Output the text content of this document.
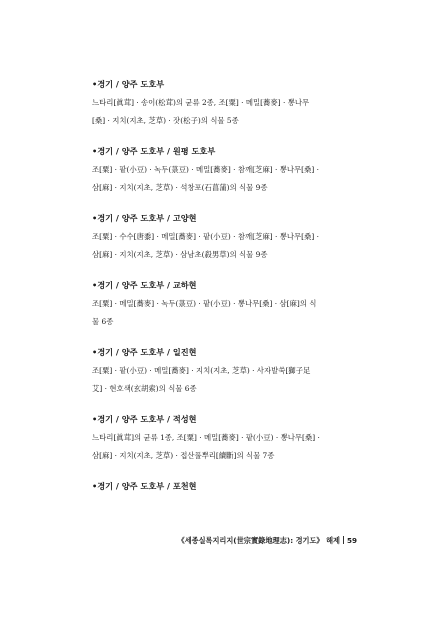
•경기 / 양주 도호부
느타리[眞茸] · 송이(松茸)의 균류 2종, 조[粟] · 메밀[蕎麥] · 뽕나무
[桑] · 지치(지초, 芝草) · 잣(松子)의 식물 5종
•경기 / 양주 도호부 / 원평 도호부
조[粟] · 팥(小豆) · 녹두(菉豆) · 메밀[蕎麥] · 참깨[芝麻] · 뽕나무[桑] ·
삼[麻] · 지치(지초, 芝草) · 석창포(石菖蒲)의 식물 9종
•경기 / 양주 도호부 / 고양현
조[粟] · 수수[唐黍] · 메밀[蕎麥] · 팥(小豆) · 참깨[芝麻] · 뽕나무[桑] ·
삼[麻] · 지치(지초, 芝草) · 삼남초(殺男草)의 식물 9종
•경기 / 양주 도호부 / 교하현
조[粟] · 메밀[蕎麥] · 녹두(菉豆) · 팥(小豆) · 뽕나무[桑] · 삼[麻]의 식
물 6종
•경기 / 양주 도호부 / 일진현
조[粟] · 팥(小豆) · 메밀[蕎麥] · 지치(지초, 芝草) · 사자발쑥[獅子足
艾] · 현호색(玄胡索)의 식물 6종
•경기 / 양주 도호부 / 적성현
느타리[眞茸]의 균류 1종, 조[粟] · 메밀[蕎麥] · 팥(小豆) · 뽕나무[桑] ·
삼[麻] · 지치(지초, 芝草) · 접산풀뿌리[續斷]의 식물 7종
•경기 / 양주 도호부 / 포천현
《세종실록지리지(世宗實錄地理志): 경기도》 해제 59
